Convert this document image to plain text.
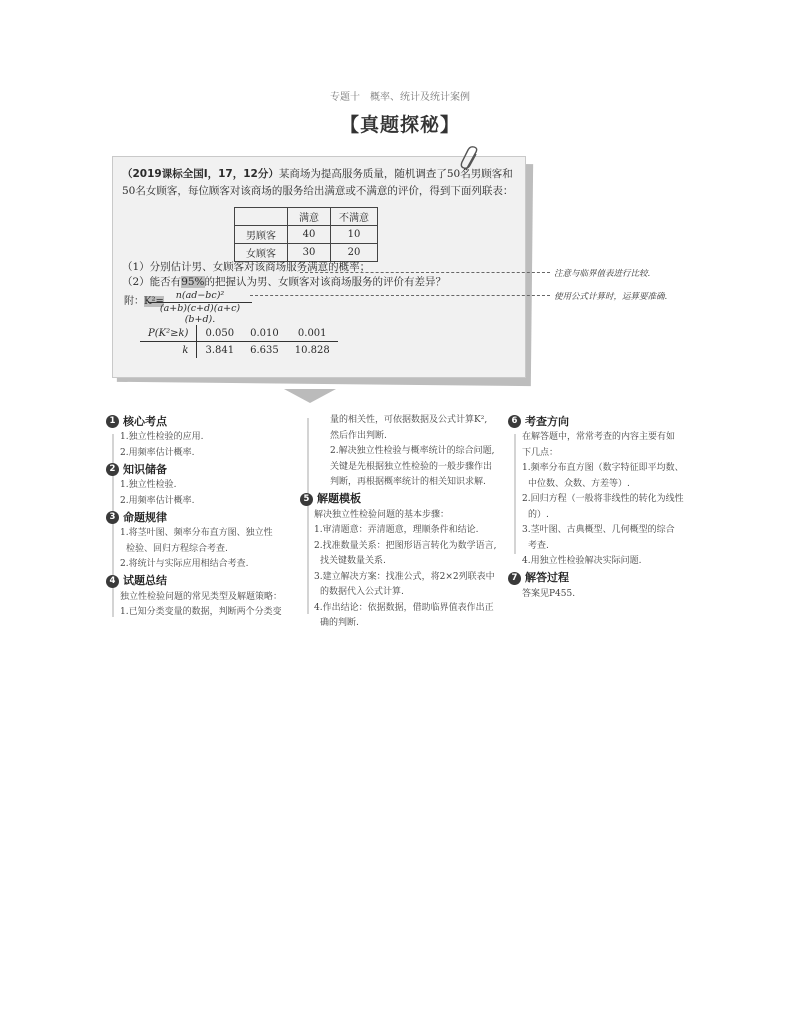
专题十　概率、统计及统计案例
【真题探秘】
（2019课标全国Ⅰ，17，12分）某商场为提高服务质量，随机调查了50名男顾客和
50名女顾客，每位顾客对该商场的服务给出满意或不满意的评价，得到下面列联表：
	满意	不满意
男顾客	40	10
女顾客	30	20
（1）分别估计男、女顾客对该商场服务满意的概率；
（2）能否有95%的把握认为男、女顾客对该商场服务的评价有差异？
附：K²=
$\frac{\text{n(ad−bc)²}}{(a+b)(c+d)(a+c)(b+d).}$
P(K²≥k)	0.050	0.010	0.001
k	3.841	6.635	10.828
注意与临界值表进行比较.
使用公式计算时，运算要准确.
1 核心考点
1.独立性检验的应用.
2.用频率估计概率.
2 知识储备
1.独立性检验.
2.用频率估计概率.
3 命题规律
1.将茎叶图、频率分布直方图、独立性
检验、回归方程综合考查.
2.将统计与实际应用相结合考查.
4 试题总结
独立性检验问题的常见类型及解题策略：
1.已知分类变量的数据，判断两个分类变
量的相关性，可依据数据及公式计算K²,
然后作出判断.
2.解决独立性检验与概率统计的综合问题,
关键是先根据独立性检验的一般步骤作出
判断，再根据概率统计的相关知识求解.
5 解题模板
解决独立性检验问题的基本步骤：
1.审清题意：弄清题意，理顺条件和结论.
2.找准数量关系：把图形语言转化为数学语言,
找关键数量关系.
3.建立解决方案：找准公式，将2×2列联表中
的数据代入公式计算.
4.作出结论：依据数据，借助临界值表作出正
确的判断.
6 考查方向
在解答题中，常常考查的内容主要有如
下几点：
1.频率分布直方图（数字特征即平均数、
中位数、众数、方差等）.
2.回归方程（一般将非线性的转化为线性
的）.
3.茎叶图、古典概型、几何概型的综合
考查.
4.用独立性检验解决实际问题.
7 解答过程
答案见P455.
